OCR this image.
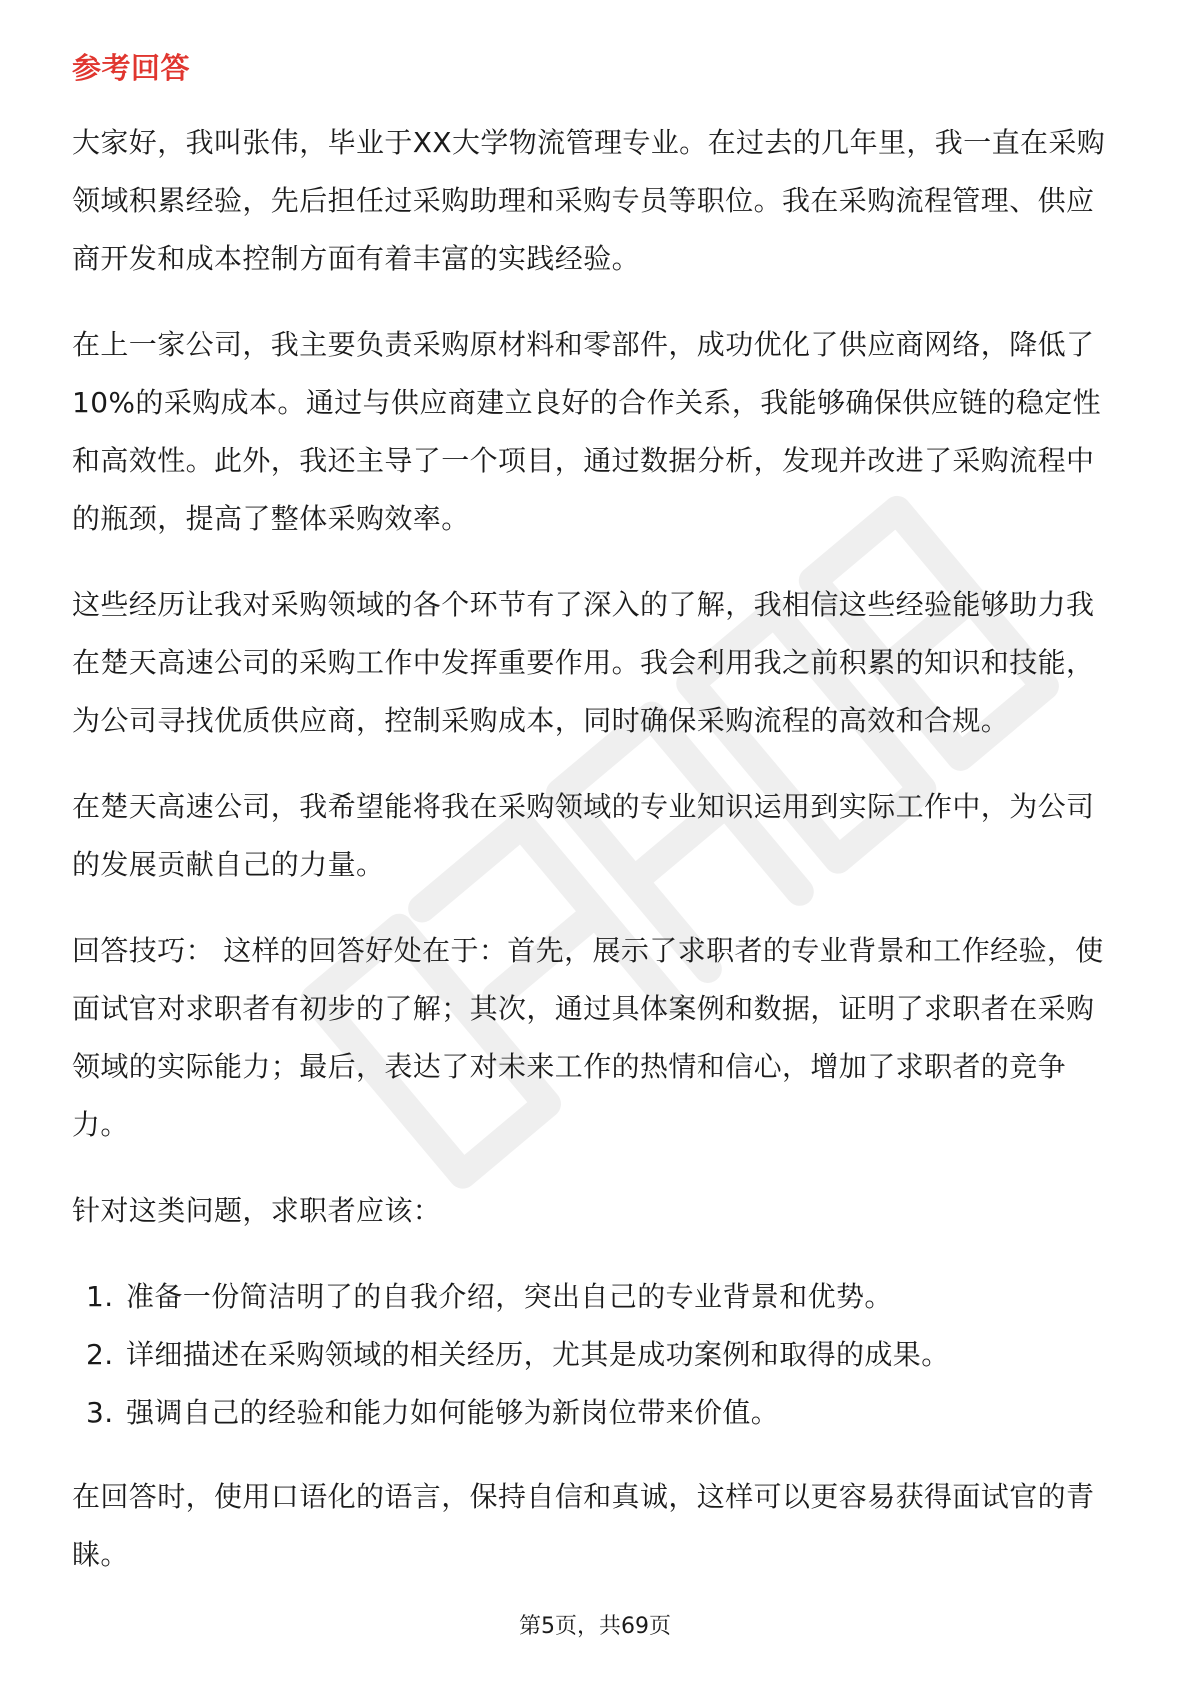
参考回答

大家好，我叫张伟，毕业于XX大学物流管理专业。在过去的几年里，我一直在采购领域积累经验，先后担任过采购助理和采购专员等职位。我在采购流程管理、供应商开发和成本控制方面有着丰富的实践经验。

在上一家公司，我主要负责采购原材料和零部件，成功优化了供应商网络，降低了10%的采购成本。通过与供应商建立良好的合作关系，我能够确保供应链的稳定性和高效性。此外，我还主导了一个项目，通过数据分析，发现并改进了采购流程中的瓶颈，提高了整体采购效率。

这些经历让我对采购领域的各个环节有了深入的了解，我相信这些经验能够助力我在楚天高速公司的采购工作中发挥重要作用。我会利用我之前积累的知识和技能，为公司寻找优质供应商，控制采购成本，同时确保采购流程的高效和合规。

在楚天高速公司，我希望能将我在采购领域的专业知识运用到实际工作中，为公司的发展贡献自己的力量。

回答技巧： 这样的回答好处在于：首先，展示了求职者的专业背景和工作经验，使面试官对求职者有初步的了解；其次，通过具体案例和数据，证明了求职者在采购领域的实际能力；最后，表达了对未来工作的热情和信心，增加了求职者的竞争力。

针对这类问题，求职者应该：

1. 准备一份简洁明了的自我介绍，突出自己的专业背景和优势。
2. 详细描述在采购领域的相关经历，尤其是成功案例和取得的成果。
3. 强调自己的经验和能力如何能够为新岗位带来价值。

在回答时，使用口语化的语言，保持自信和真诚，这样可以更容易获得面试官的青睐。

第5页，共69页
